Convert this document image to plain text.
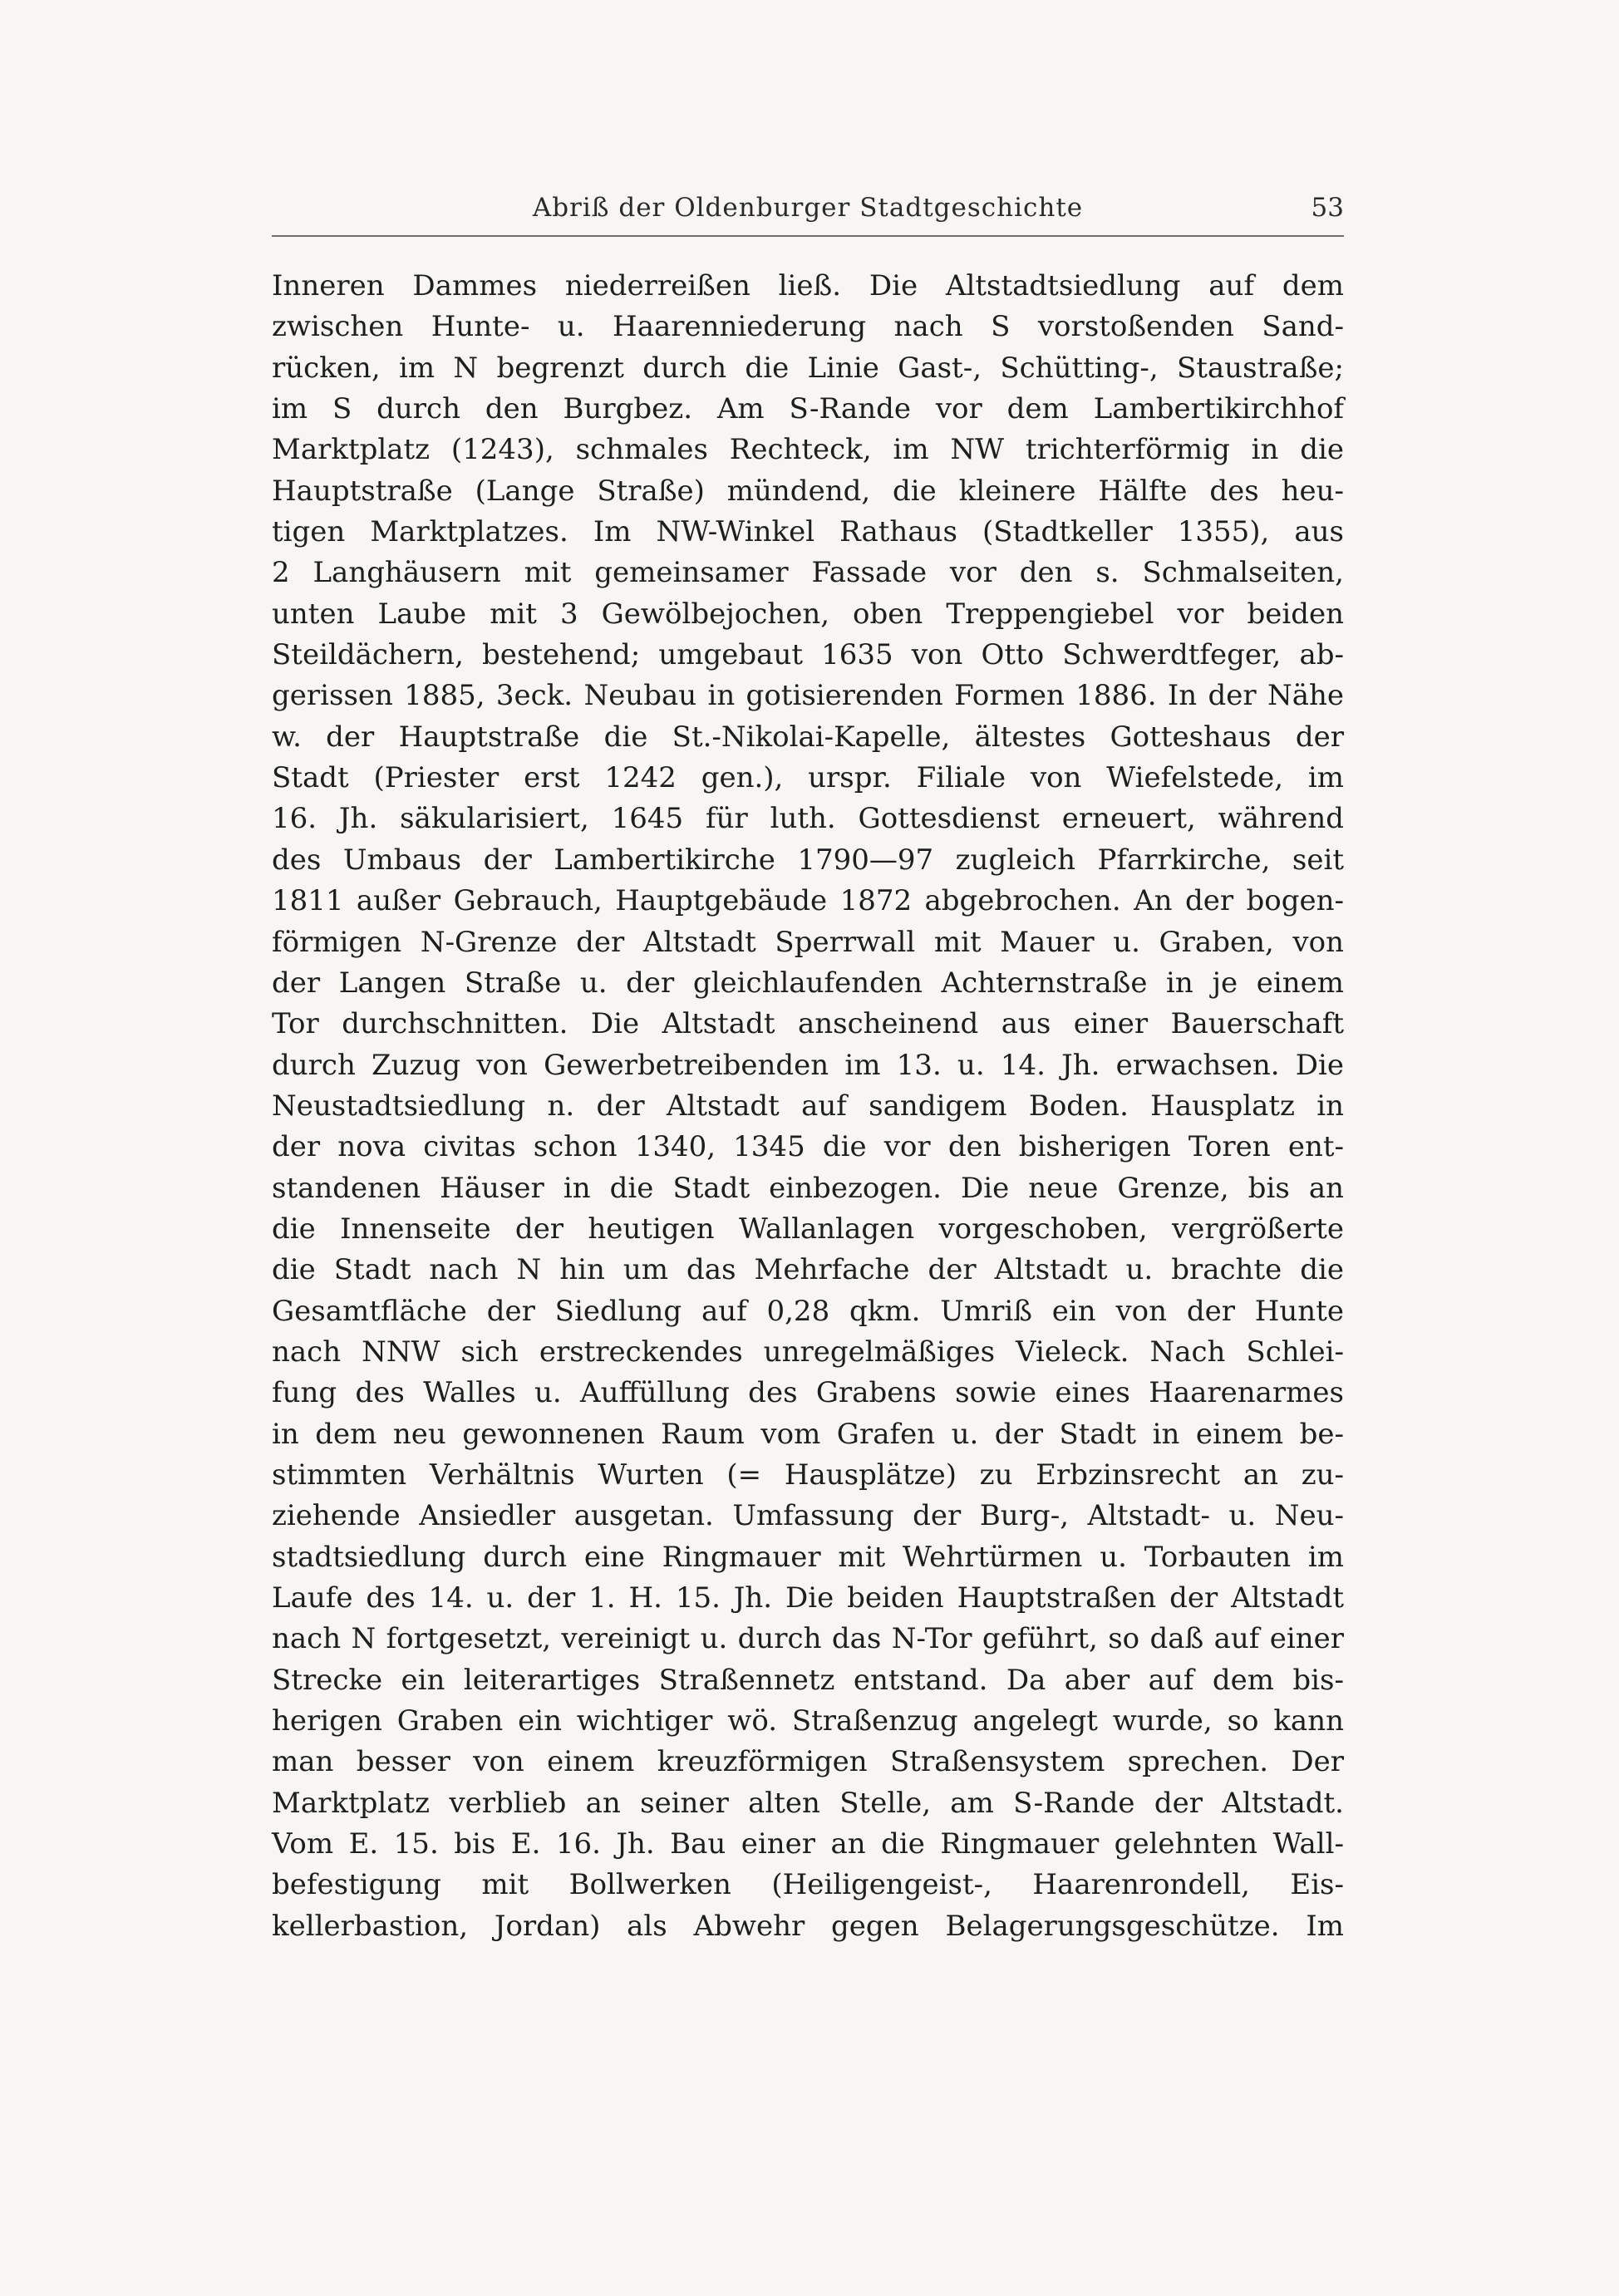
Abriß der Oldenburger Stadtgeschichte	53
Inneren Dammes niederreißen ließ. Die Altstadtsiedlung auf dem
zwischen Hunte- u. Haarenniederung nach S vorstoßenden Sand-
rücken, im N begrenzt durch die Linie Gast-, Schütting-, Staustraße;
im S durch den Burgbez. Am S-Rande vor dem Lambertikirchhof
Marktplatz (1243), schmales Rechteck, im NW trichterförmig in die
Hauptstraße (Lange Straße) mündend, die kleinere Hälfte des heu-
tigen Marktplatzes. Im NW-Winkel Rathaus (Stadtkeller 1355), aus
2 Langhäusern mit gemeinsamer Fassade vor den s. Schmalseiten,
unten Laube mit 3 Gewölbejochen, oben Treppengiebel vor beiden
Steildächern, bestehend; umgebaut 1635 von Otto Schwerdtfeger, ab-
gerissen 1885, 3eck. Neubau in gotisierenden Formen 1886. In der Nähe
w. der Hauptstraße die St.-Nikolai-Kapelle, ältestes Gotteshaus der
Stadt (Priester erst 1242 gen.), urspr. Filiale von Wiefelstede, im
16. Jh. säkularisiert, 1645 für luth. Gottesdienst erneuert, während
des Umbaus der Lambertikirche 1790—97 zugleich Pfarrkirche, seit
1811 außer Gebrauch, Hauptgebäude 1872 abgebrochen. An der bogen-
förmigen N-Grenze der Altstadt Sperrwall mit Mauer u. Graben, von
der Langen Straße u. der gleichlaufenden Achternstraße in je einem
Tor durchschnitten. Die Altstadt anscheinend aus einer Bauerschaft
durch Zuzug von Gewerbetreibenden im 13. u. 14. Jh. erwachsen. Die
Neustadtsiedlung n. der Altstadt auf sandigem Boden. Hausplatz in
der nova civitas schon 1340, 1345 die vor den bisherigen Toren ent-
standenen Häuser in die Stadt einbezogen. Die neue Grenze, bis an
die Innenseite der heutigen Wallanlagen vorgeschoben, vergrößerte
die Stadt nach N hin um das Mehrfache der Altstadt u. brachte die
Gesamtfläche der Siedlung auf 0,28 qkm. Umriß ein von der Hunte
nach NNW sich erstreckendes unregelmäßiges Vieleck. Nach Schlei-
fung des Walles u. Auffüllung des Grabens sowie eines Haarenarmes
in dem neu gewonnenen Raum vom Grafen u. der Stadt in einem be-
stimmten Verhältnis Wurten (= Hausplätze) zu Erbzinsrecht an zu-
ziehende Ansiedler ausgetan. Umfassung der Burg-, Altstadt- u. Neu-
stadtsiedlung durch eine Ringmauer mit Wehrtürmen u. Torbauten im
Laufe des 14. u. der 1. H. 15. Jh. Die beiden Hauptstraßen der Altstadt
nach N fortgesetzt, vereinigt u. durch das N-Tor geführt, so daß auf einer
Strecke ein leiterartiges Straßennetz entstand. Da aber auf dem bis-
herigen Graben ein wichtiger wö. Straßenzug angelegt wurde, so kann
man besser von einem kreuzförmigen Straßensystem sprechen. Der
Marktplatz verblieb an seiner alten Stelle, am S-Rande der Altstadt.
Vom E. 15. bis E. 16. Jh. Bau einer an die Ringmauer gelehnten Wall-
befestigung mit Bollwerken (Heiligengeist-, Haarenrondell, Eis-
kellerbastion, Jordan) als Abwehr gegen Belagerungsgeschütze. Im
